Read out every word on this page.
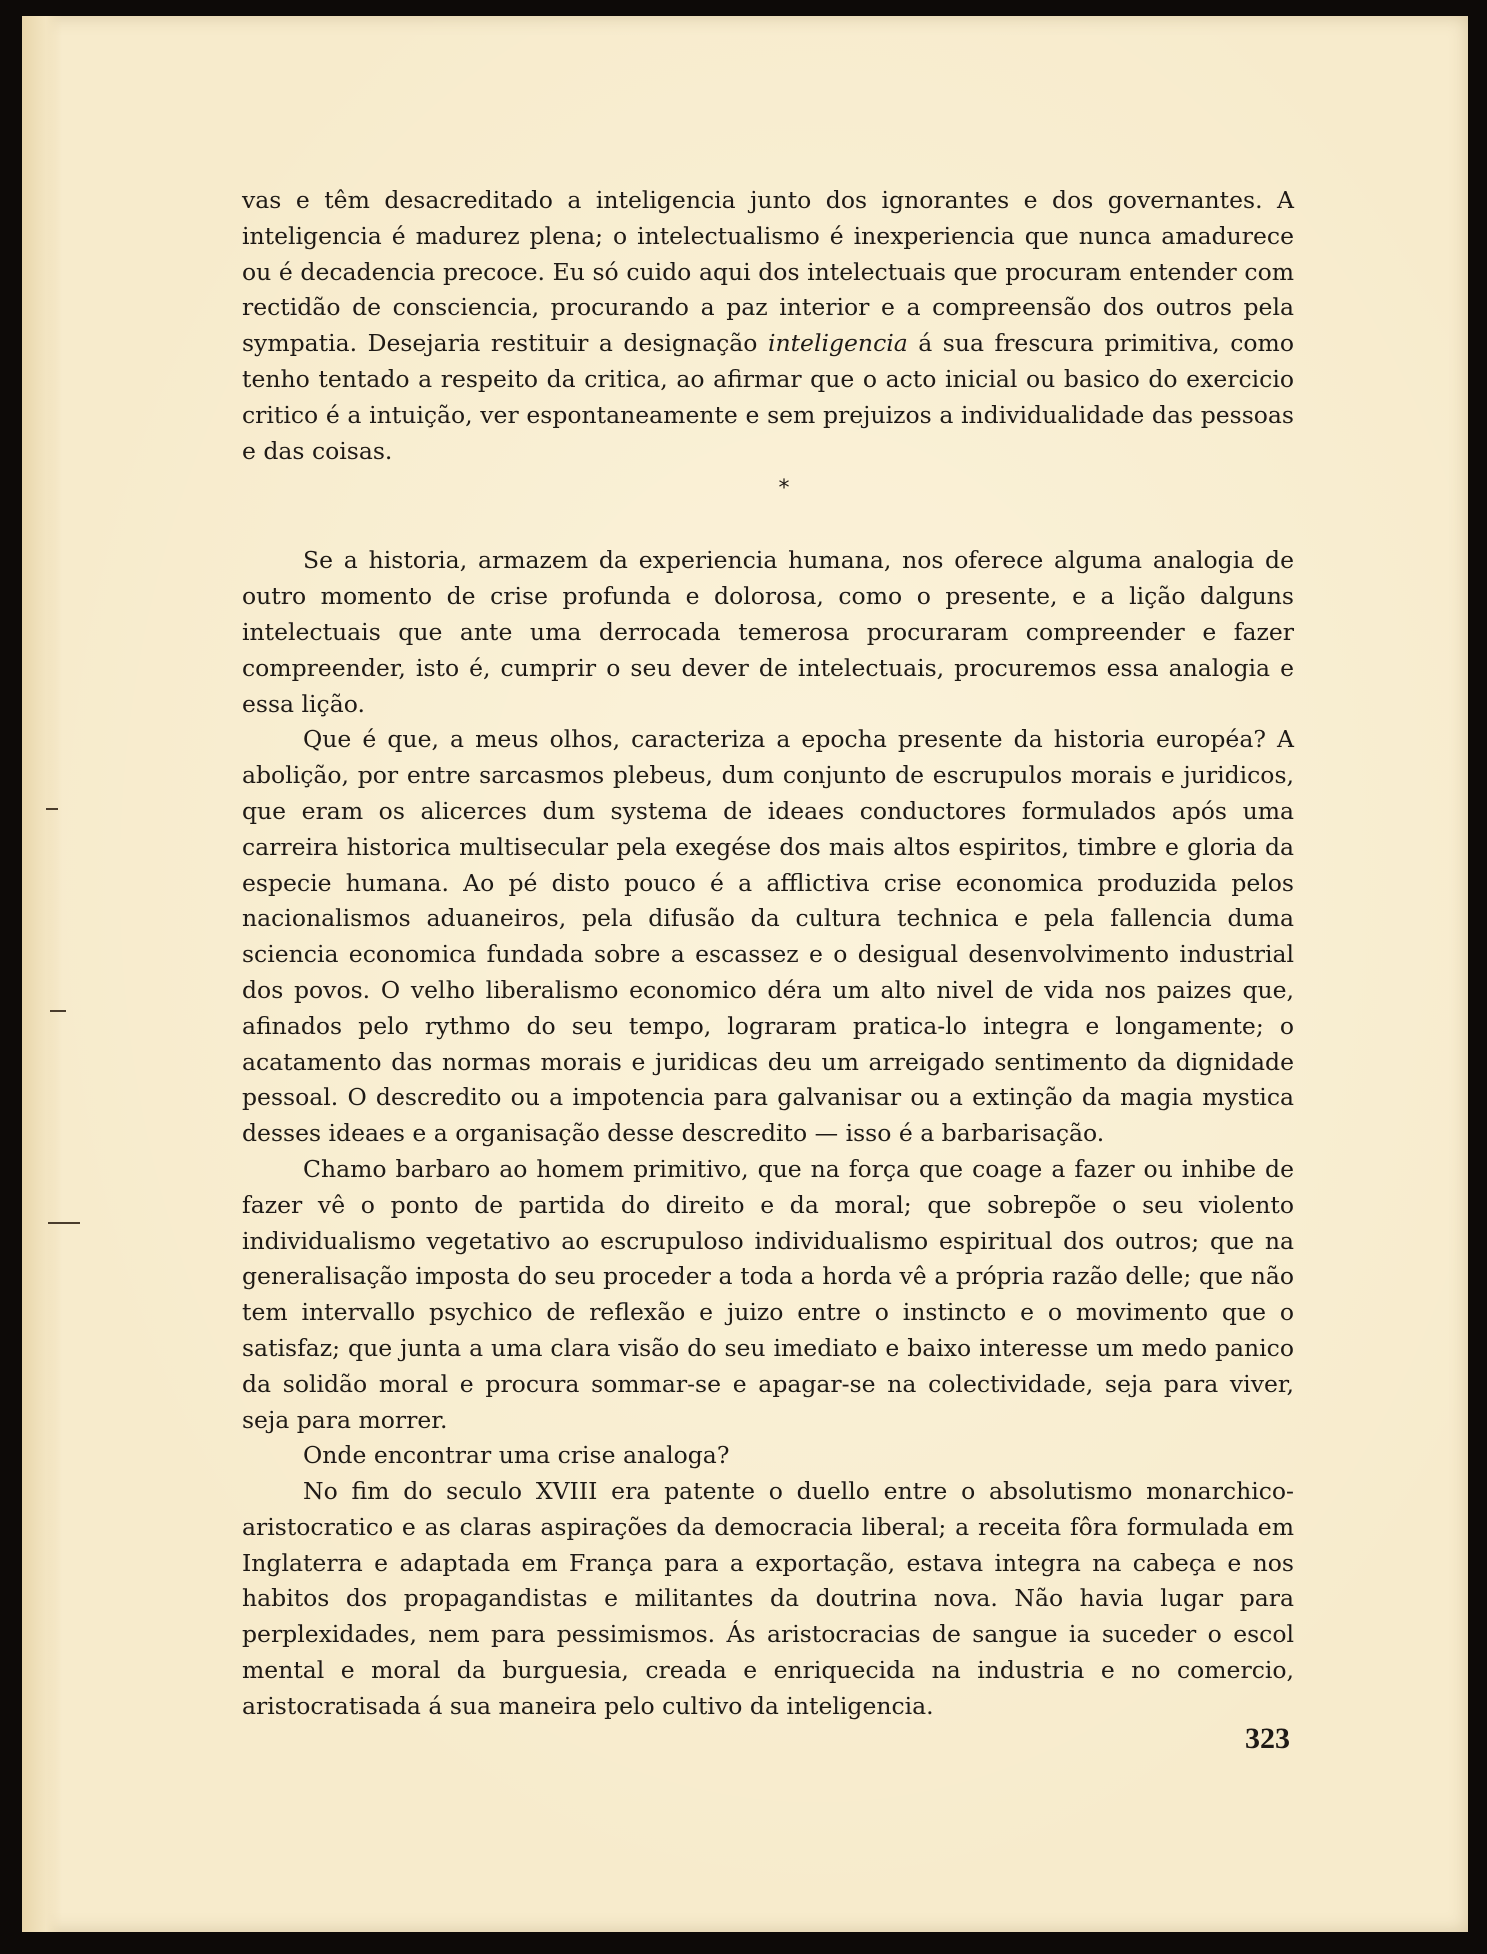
vas e têm desacreditado a inteligencia junto dos ignorantes e dos governantes. A inteligencia é madurez plena; o intelectualismo é inexperiencia que nunca amadurece ou é decadencia precoce. Eu só cuido aqui dos intelectuais que procuram entender com rectidão de consciencia, procurando a paz interior e a compreensão dos outros pela sympatia. Desejaria restituir a designação inteligencia á sua frescura primitiva, como tenho tentado a respeito da critica, ao afirmar que o acto inicial ou basico do exercicio critico é a intuição, ver espontaneamente e sem prejuizos a individualidade das pessoas e das coisas.

*

Se a historia, armazem da experiencia humana, nos oferece alguma analogia de outro momento de crise profunda e dolorosa, como o presente, e a lição dalguns intelectuais que ante uma derrocada temerosa procuraram compreender e fazer compreender, isto é, cumprir o seu dever de intelectuais, procuremos essa analogia e essa lição.

Que é que, a meus olhos, caracteriza a epocha presente da historia européa? A abolição, por entre sarcasmos plebeus, dum conjunto de escrupulos morais e juridicos, que eram os alicerces dum systema de ideaes conductores formulados após uma carreira historica multisecular pela exegése dos mais altos espiritos, timbre e gloria da especie humana. Ao pé disto pouco é a afflictiva crise economica produzida pelos nacionalismos aduaneiros, pela difusão da cultura technica e pela fallencia duma sciencia economica fundada sobre a escassez e o desigual desenvolvimento industrial dos povos. O velho liberalismo economico déra um alto nivel de vida nos paizes que, afinados pelo rythmo do seu tempo, lograram pratica-lo integra e longamente; o acatamento das normas morais e juridicas deu um arreigado sentimento da dignidade pessoal. O descredito ou a impotencia para galvanisar ou a extinção da magia mystica desses ideaes e a organisação desse descredito — isso é a barbarisação.

Chamo barbaro ao homem primitivo, que na força que coage a fazer ou inhibe de fazer vê o ponto de partida do direito e da moral; que sobrepõe o seu violento individualismo vegetativo ao escrupuloso individualismo espiritual dos outros; que na generalisação imposta do seu proceder a toda a horda vê a própria razão delle; que não tem intervallo psychico de reflexão e juizo entre o instincto e o movimento que o satisfaz; que junta a uma clara visão do seu imediato e baixo interesse um medo panico da solidão moral e procura sommar-se e apagar-se na colectividade, seja para viver, seja para morrer.

Onde encontrar uma crise analoga?

No fim do seculo XVIII era patente o duello entre o absolutismo monarchico-aristocratico e as claras aspirações da democracia liberal; a receita fôra formulada em Inglaterra e adaptada em França para a exportação, estava integra na cabeça e nos habitos dos propagandistas e militantes da doutrina nova. Não havia lugar para perplexidades, nem para pessimismos. Ás aristocracias de sangue ia suceder o escol mental e moral da burguesia, creada e enriquecida na industria e no comercio, aristocratisada á sua maneira pelo cultivo da inteligencia.

323
